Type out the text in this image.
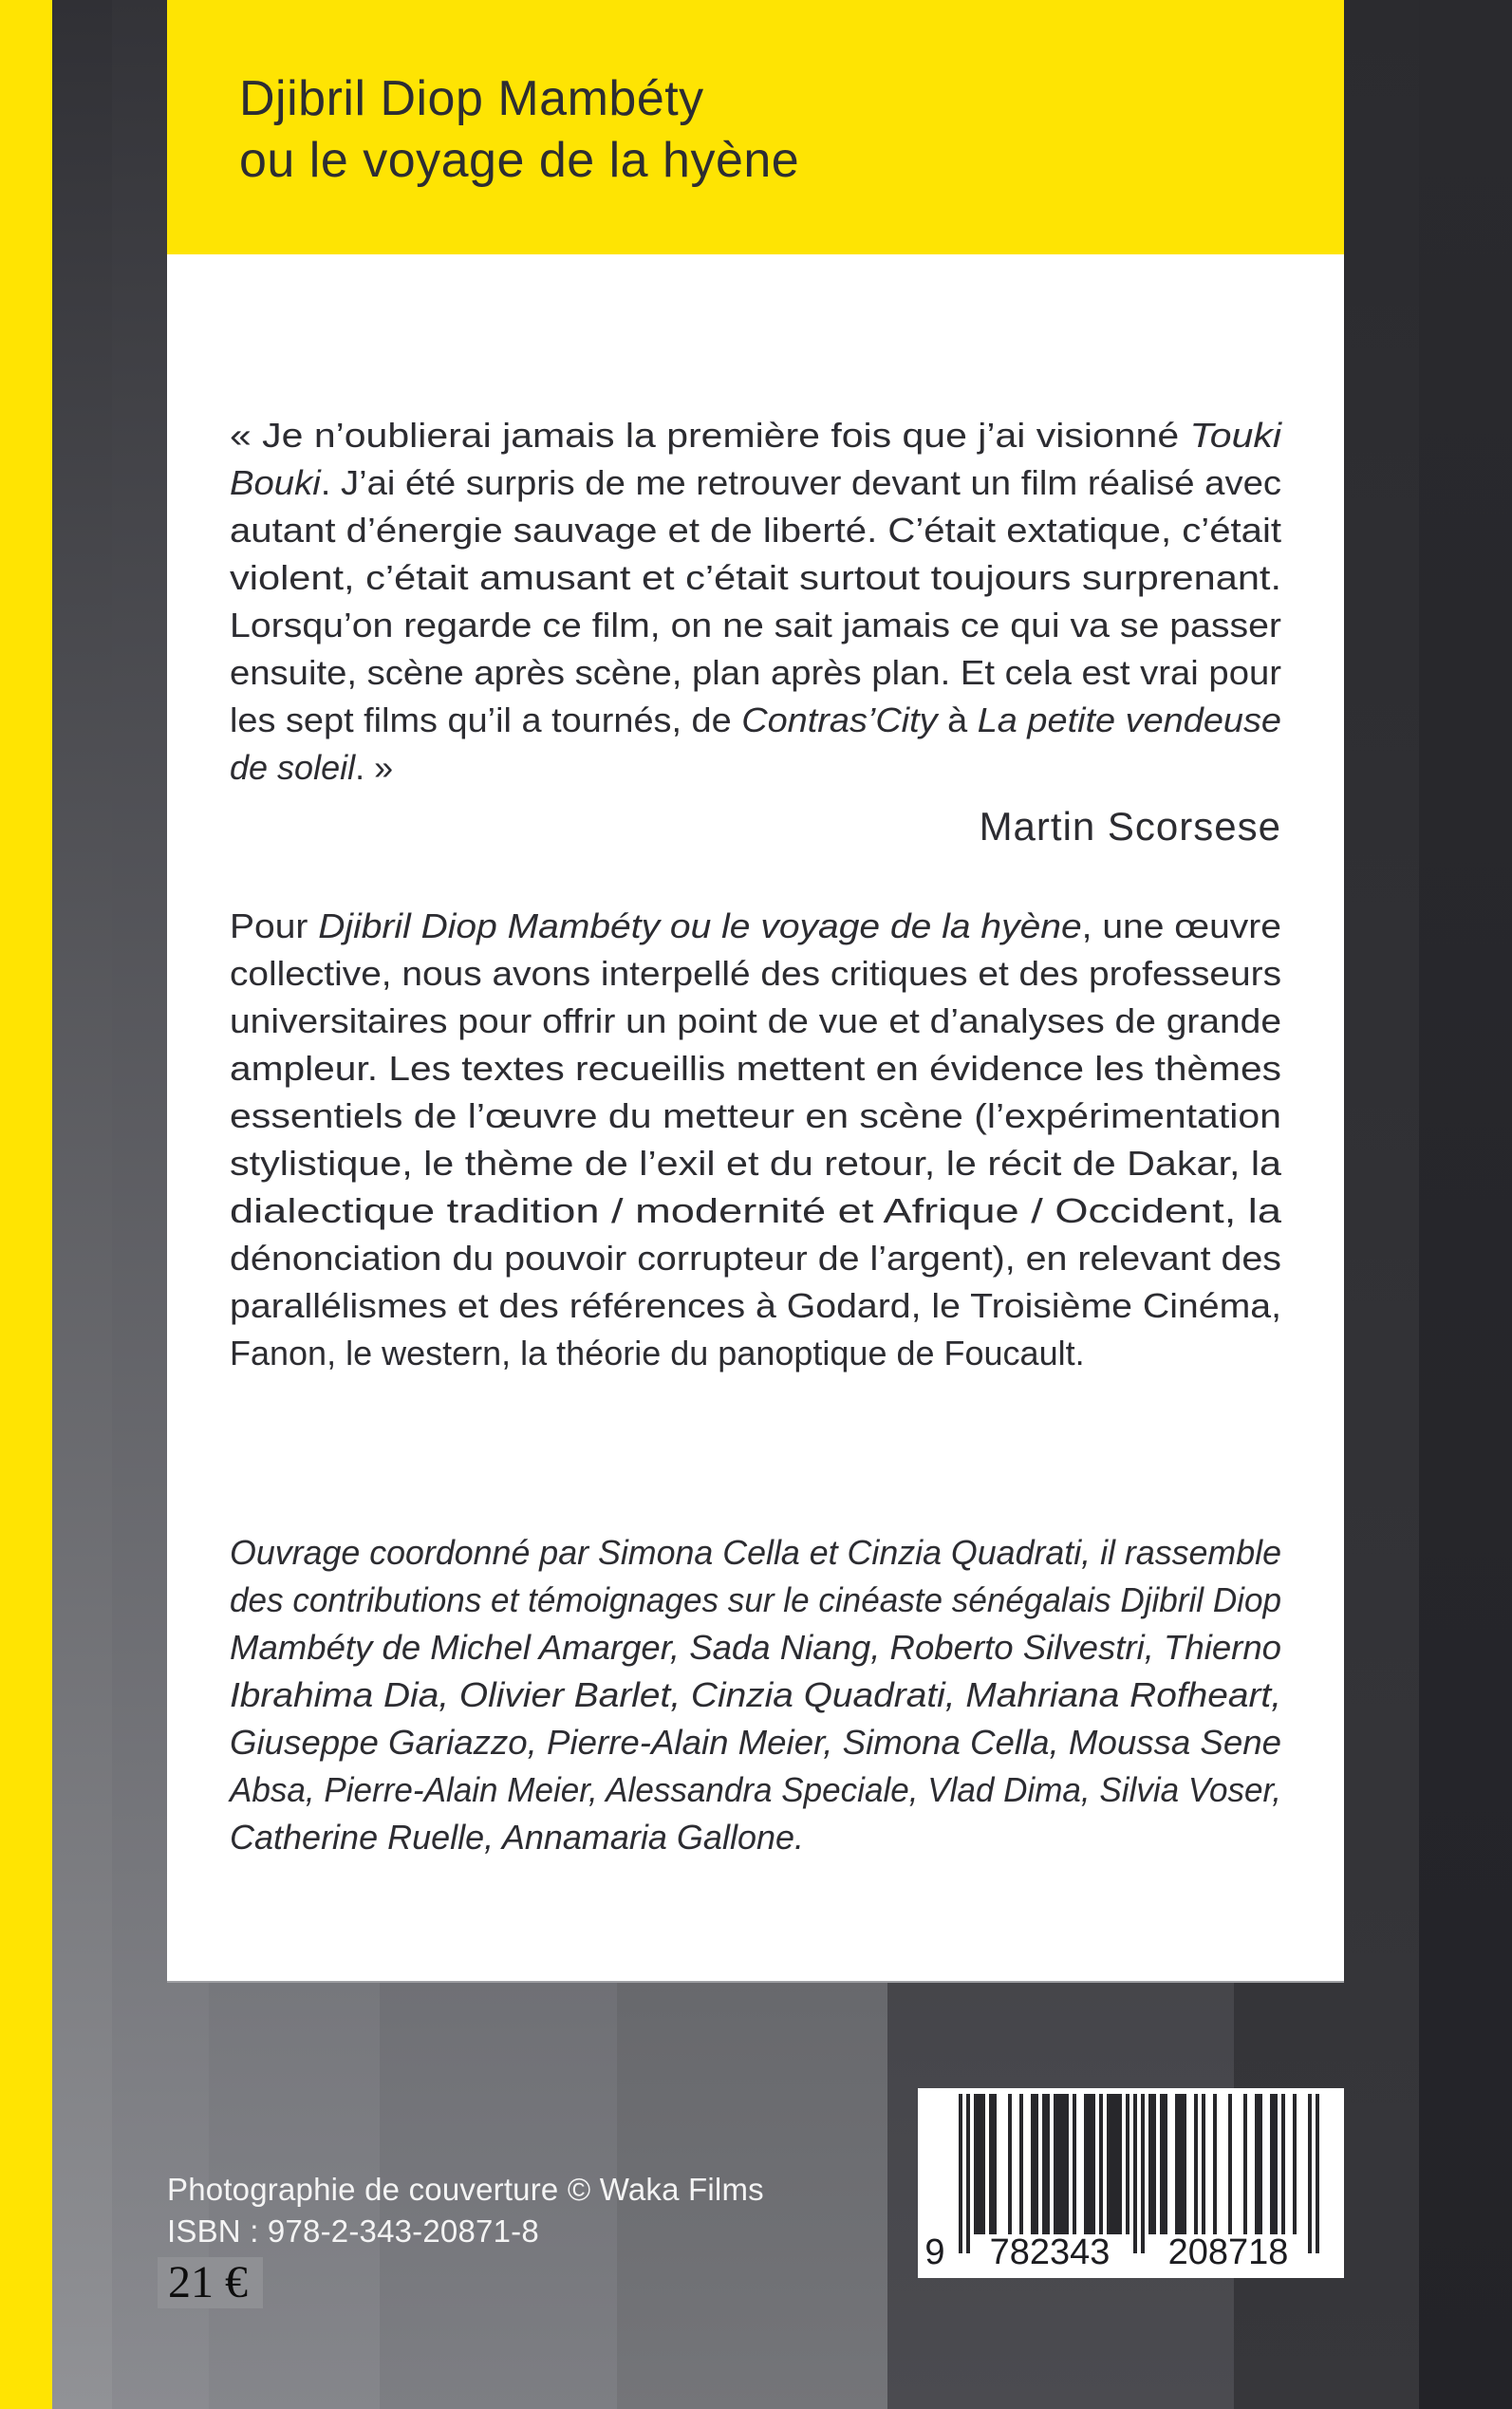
Djibril Diop Mambéty
ou le voyage de la hyène
« Je n’oublierai jamais la première fois que j’ai visionné Touki
Bouki. J’ai été surpris de me retrouver devant un film réalisé avec
autant d’énergie sauvage et de liberté. C’était extatique, c’était
violent, c’était amusant et c’était surtout toujours surprenant.
Lorsqu’on regarde ce film, on ne sait jamais ce qui va se passer
ensuite, scène après scène, plan après plan. Et cela est vrai pour
les sept films qu’il a tournés, de Contras’City à La petite vendeuse
de soleil. »
Martin Scorsese
Pour Djibril Diop Mambéty ou le voyage de la hyène, une œuvre
collective, nous avons interpellé des critiques et des professeurs
universitaires pour offrir un point de vue et d’analyses de grande
ampleur. Les textes recueillis mettent en évidence les thèmes
essentiels de l’œuvre du metteur en scène (l’expérimentation
stylistique, le thème de l’exil et du retour, le récit de Dakar, la
dialectique tradition / modernité et Afrique / Occident, la
dénonciation du pouvoir corrupteur de l’argent), en relevant des
parallélismes et des références à Godard, le Troisième Cinéma,
Fanon, le western, la théorie du panoptique de Foucault.
Ouvrage coordonné par Simona Cella et Cinzia Quadrati, il rassemble
des contributions et témoignages sur le cinéaste sénégalais Djibril Diop
Mambéty de Michel Amarger, Sada Niang, Roberto Silvestri, Thierno
Ibrahima Dia, Olivier Barlet, Cinzia Quadrati, Mahriana Rofheart,
Giuseppe Gariazzo, Pierre-Alain Meier, Simona Cella, Moussa Sene
Absa, Pierre-Alain Meier, Alessandra Speciale, Vlad Dima, Silvia Voser,
Catherine Ruelle, Annamaria Gallone.
Photographie de couverture © Waka Films
ISBN : 978-2-343-20871-8
21 €
9	782343	208718
